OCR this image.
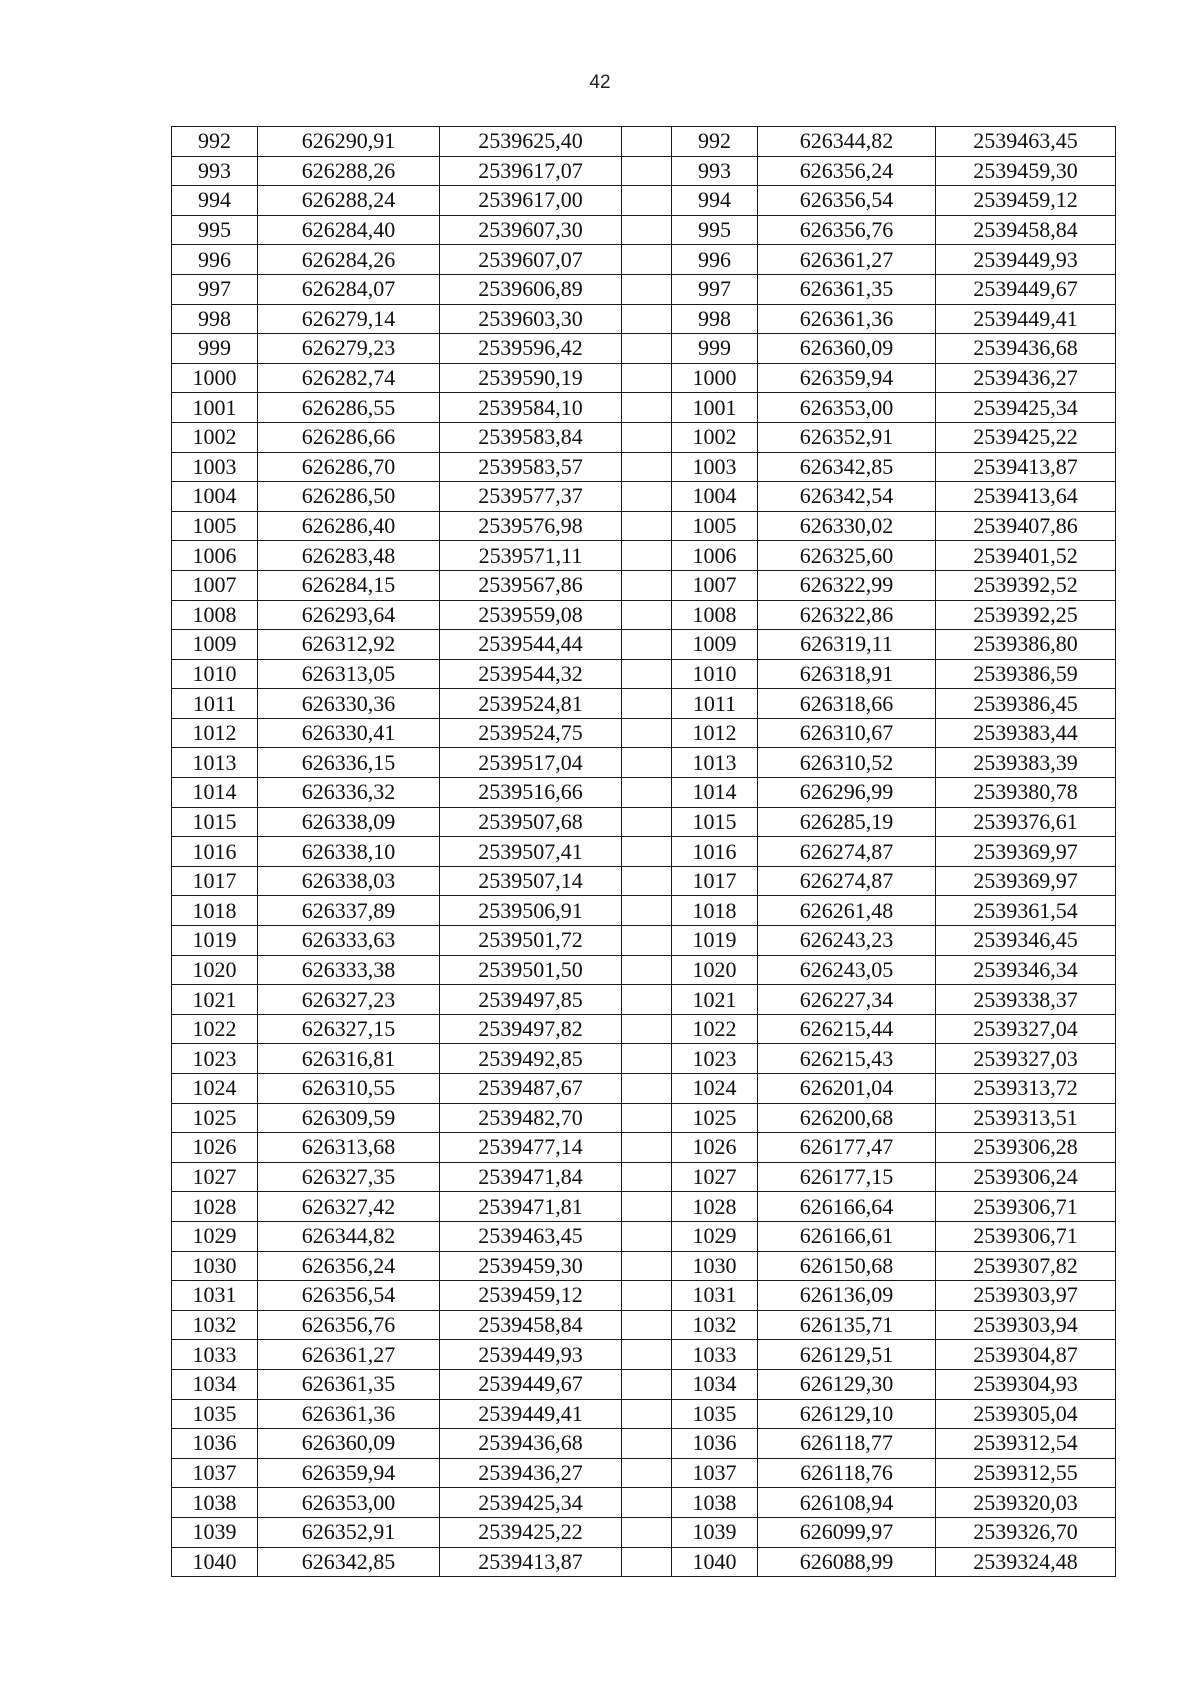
42
992	626290,91	2539625,40		992	626344,82	2539463,45
993	626288,26	2539617,07		993	626356,24	2539459,30
994	626288,24	2539617,00		994	626356,54	2539459,12
995	626284,40	2539607,30		995	626356,76	2539458,84
996	626284,26	2539607,07		996	626361,27	2539449,93
997	626284,07	2539606,89		997	626361,35	2539449,67
998	626279,14	2539603,30		998	626361,36	2539449,41
999	626279,23	2539596,42		999	626360,09	2539436,68
1000	626282,74	2539590,19		1000	626359,94	2539436,27
1001	626286,55	2539584,10		1001	626353,00	2539425,34
1002	626286,66	2539583,84		1002	626352,91	2539425,22
1003	626286,70	2539583,57		1003	626342,85	2539413,87
1004	626286,50	2539577,37		1004	626342,54	2539413,64
1005	626286,40	2539576,98		1005	626330,02	2539407,86
1006	626283,48	2539571,11		1006	626325,60	2539401,52
1007	626284,15	2539567,86		1007	626322,99	2539392,52
1008	626293,64	2539559,08		1008	626322,86	2539392,25
1009	626312,92	2539544,44		1009	626319,11	2539386,80
1010	626313,05	2539544,32		1010	626318,91	2539386,59
1011	626330,36	2539524,81		1011	626318,66	2539386,45
1012	626330,41	2539524,75		1012	626310,67	2539383,44
1013	626336,15	2539517,04		1013	626310,52	2539383,39
1014	626336,32	2539516,66		1014	626296,99	2539380,78
1015	626338,09	2539507,68		1015	626285,19	2539376,61
1016	626338,10	2539507,41		1016	626274,87	2539369,97
1017	626338,03	2539507,14		1017	626274,87	2539369,97
1018	626337,89	2539506,91		1018	626261,48	2539361,54
1019	626333,63	2539501,72		1019	626243,23	2539346,45
1020	626333,38	2539501,50		1020	626243,05	2539346,34
1021	626327,23	2539497,85		1021	626227,34	2539338,37
1022	626327,15	2539497,82		1022	626215,44	2539327,04
1023	626316,81	2539492,85		1023	626215,43	2539327,03
1024	626310,55	2539487,67		1024	626201,04	2539313,72
1025	626309,59	2539482,70		1025	626200,68	2539313,51
1026	626313,68	2539477,14		1026	626177,47	2539306,28
1027	626327,35	2539471,84		1027	626177,15	2539306,24
1028	626327,42	2539471,81		1028	626166,64	2539306,71
1029	626344,82	2539463,45		1029	626166,61	2539306,71
1030	626356,24	2539459,30		1030	626150,68	2539307,82
1031	626356,54	2539459,12		1031	626136,09	2539303,97
1032	626356,76	2539458,84		1032	626135,71	2539303,94
1033	626361,27	2539449,93		1033	626129,51	2539304,87
1034	626361,35	2539449,67		1034	626129,30	2539304,93
1035	626361,36	2539449,41		1035	626129,10	2539305,04
1036	626360,09	2539436,68		1036	626118,77	2539312,54
1037	626359,94	2539436,27		1037	626118,76	2539312,55
1038	626353,00	2539425,34		1038	626108,94	2539320,03
1039	626352,91	2539425,22		1039	626099,97	2539326,70
1040	626342,85	2539413,87		1040	626088,99	2539324,48
